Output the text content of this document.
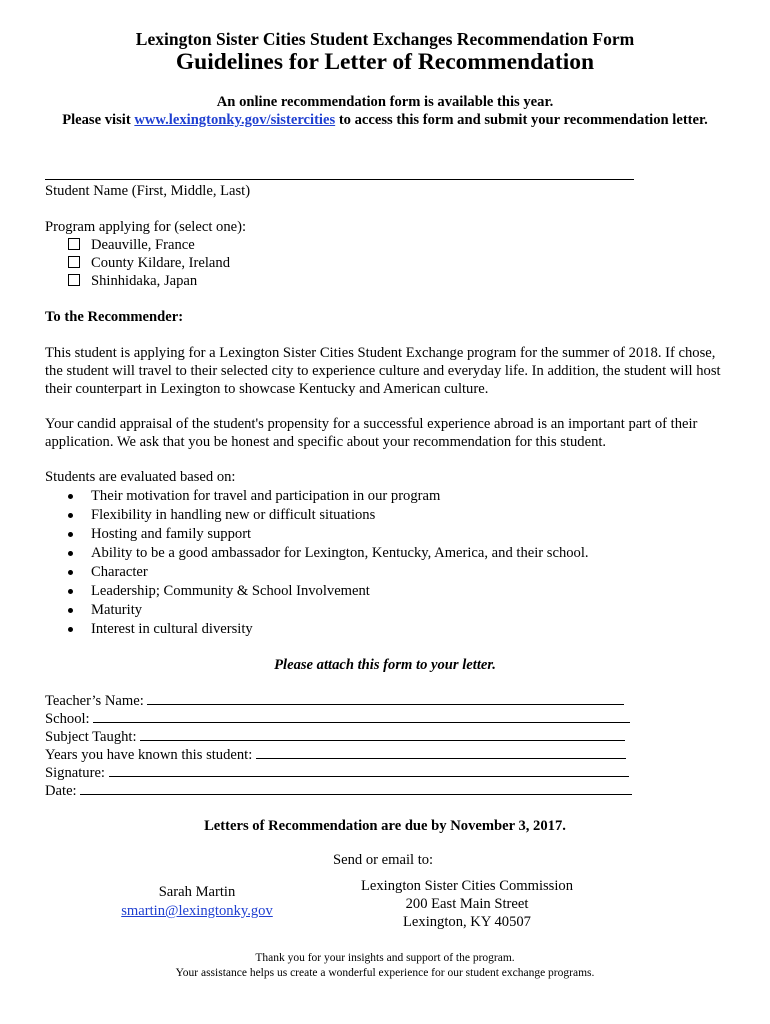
Lexington Sister Cities Student Exchanges Recommendation Form
Guidelines for Letter of Recommendation
An online recommendation form is available this year.
Please visit www.lexingtonky.gov/sistercities to access this form and submit your recommendation letter.
Student Name (First, Middle, Last)
Program applying for (select one):
Deauville, France
County Kildare, Ireland
Shinhidaka, Japan
To the Recommender:
This student is applying for a Lexington Sister Cities Student Exchange program for the summer of 2018. If chose, the student will travel to their selected city to experience culture and everyday life. In addition, the student will host their counterpart in Lexington to showcase Kentucky and American culture.
Your candid appraisal of the student's propensity for a successful experience abroad is an important part of their application. We ask that you be honest and specific about your recommendation for this student.
Students are evaluated based on:
Their motivation for travel and participation in our program
Flexibility in handling new or difficult situations
Hosting and family support
Ability to be a good ambassador for Lexington, Kentucky, America, and their school.
Character
Leadership; Community & School Involvement
Maturity
Interest in cultural diversity
Please attach this form to your letter.
Teacher’s Name:
School:
Subject Taught:
Years you have known this student:
Signature:
Date:
Letters of Recommendation are due by November 3, 2017.
Send or email to:
Sarah Martin
smartin@lexingtonky.gov
Lexington Sister Cities Commission
200 East Main Street
Lexington, KY 40507
Thank you for your insights and support of the program.
Your assistance helps us create a wonderful experience for our student exchange programs.
